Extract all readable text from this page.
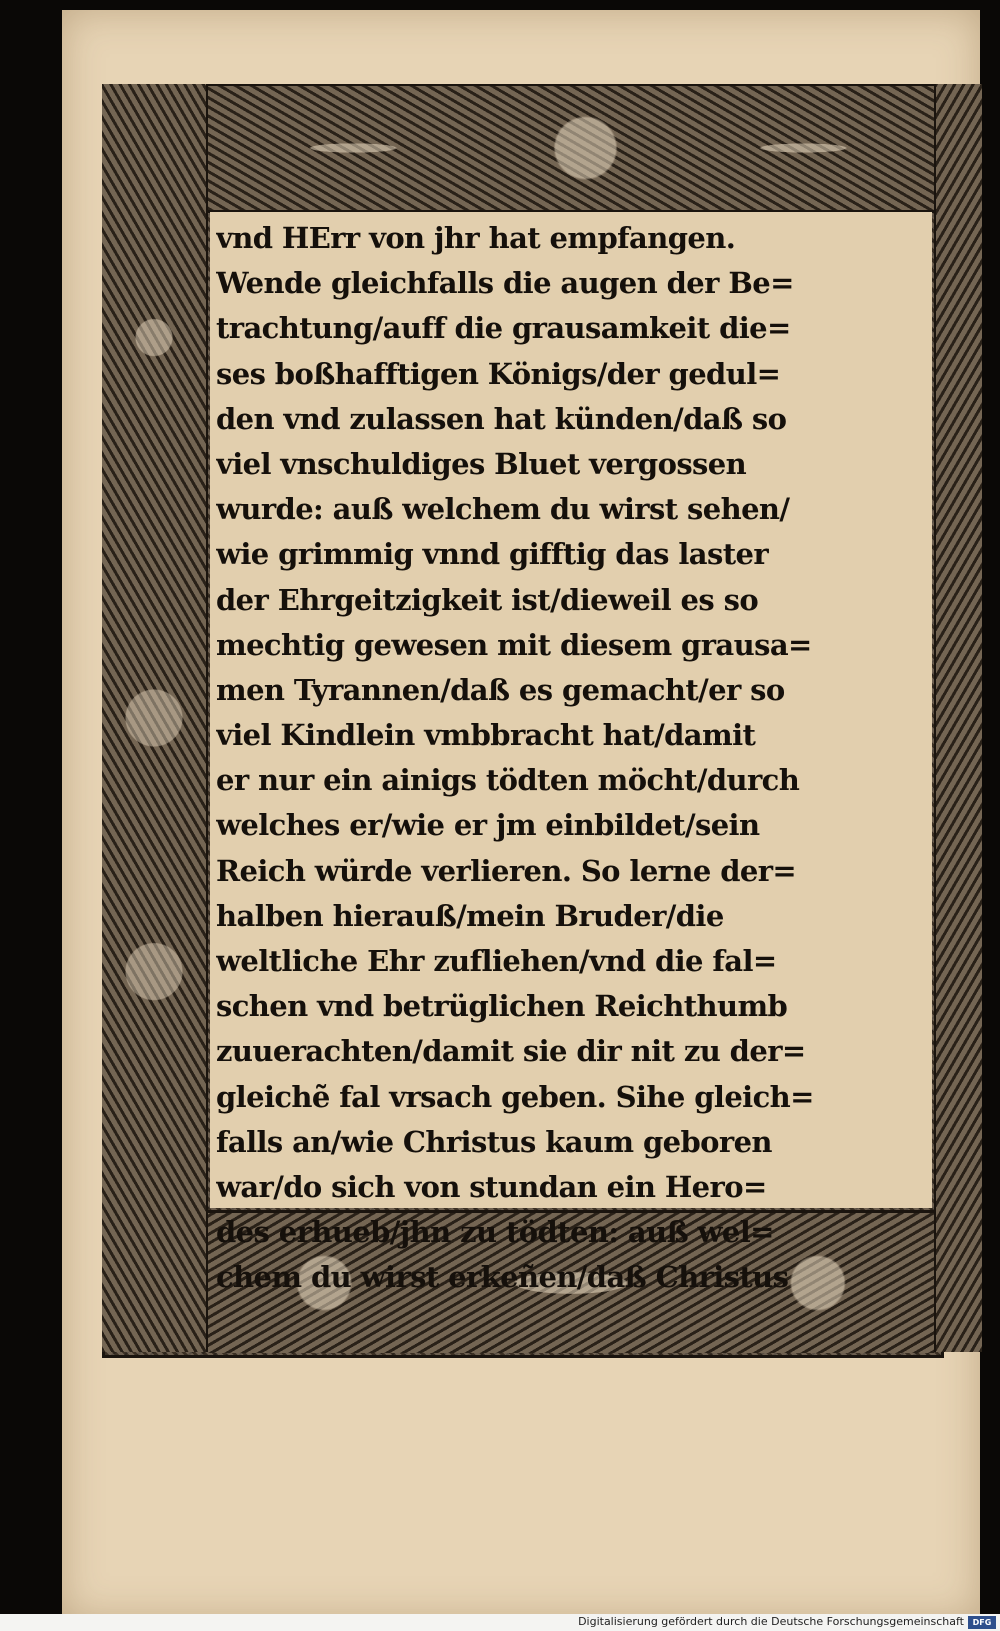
vnd HErr von jhr hat empfangen.
Wende gleichfalls die augen der Be=
trachtung/auff die grausamkeit die=
ses boßhafftigen Königs/der gedul=
den vnd zulassen hat künden/daß so
viel vnschuldiges Bluet vergossen
wurde: auß welchem du wirst sehen/
wie grimmig vnnd gifftig das laster
der Ehrgeitzigkeit ist/dieweil es so
mechtig gewesen mit diesem grausa=
men Tyrannen/daß es gemacht/er so
viel Kindlein vmbbracht hat/damit
er nur ein ainigs tödten möcht/durch
welches er/wie er jm einbildet/sein
Reich würde verlieren. So lerne der=
halben hierauß/mein Bruder/die
weltliche Ehr zufliehen/vnd die fal=
schen vnd betrüglichen Reichthumb
zuuerachten/damit sie dir nit zu der=
gleichẽ fal vrsach geben. Sihe gleich=
falls an/wie Christus kaum geboren
war/do sich von stundan ein Hero=
des erhueb/jhn zu tödten: auß wel=
chem du wirst erkeñen/daß Christus
Digitalisierung gefördert durch die Deutsche Forschungsgemeinschaft	DFG
